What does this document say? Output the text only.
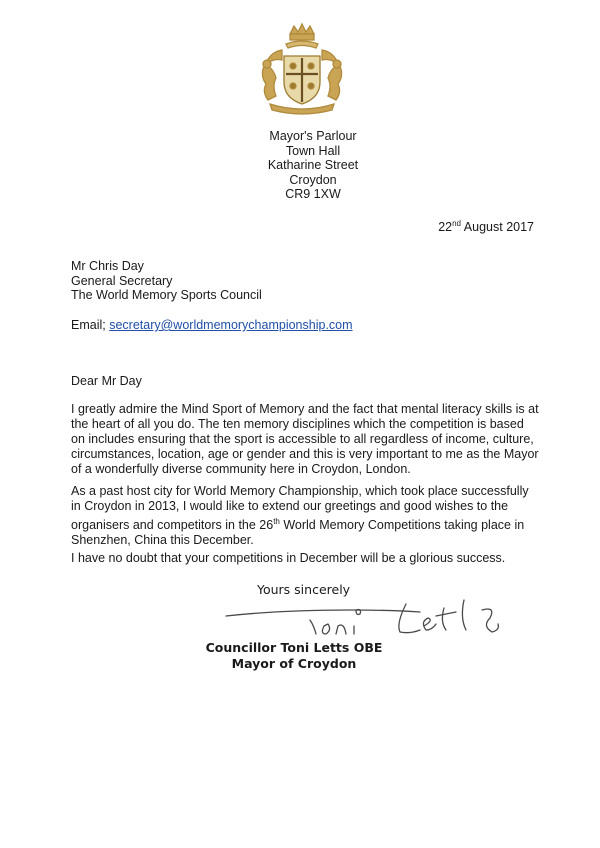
Mayor's Parlour
Town Hall
Katharine Street
Croydon
CR9 1XW
22nd August 2017
Mr Chris Day
General Secretary
The World Memory Sports Council
Email; secretary@worldmemorychampionship.com
Dear Mr Day
I greatly admire the Mind Sport of Memory and the fact that mental literacy skills is at the heart of all you do. The ten memory disciplines which the competition is based on includes ensuring that the sport is accessible to all regardless of income, culture, circumstances, location, age or gender and this is very important to me as the Mayor of a wonderfully diverse community here in Croydon, London.
As a past host city for World Memory Championship, which took place successfully in Croydon in 2013, I would like to extend our greetings and good wishes to the organisers and competitors in the 26th World Memory Competitions taking place in Shenzhen, China this December.
I have no doubt that your competitions in December will be a glorious success.
Yours sincerely
Councillor Toni Letts OBE
Mayor of Croydon
